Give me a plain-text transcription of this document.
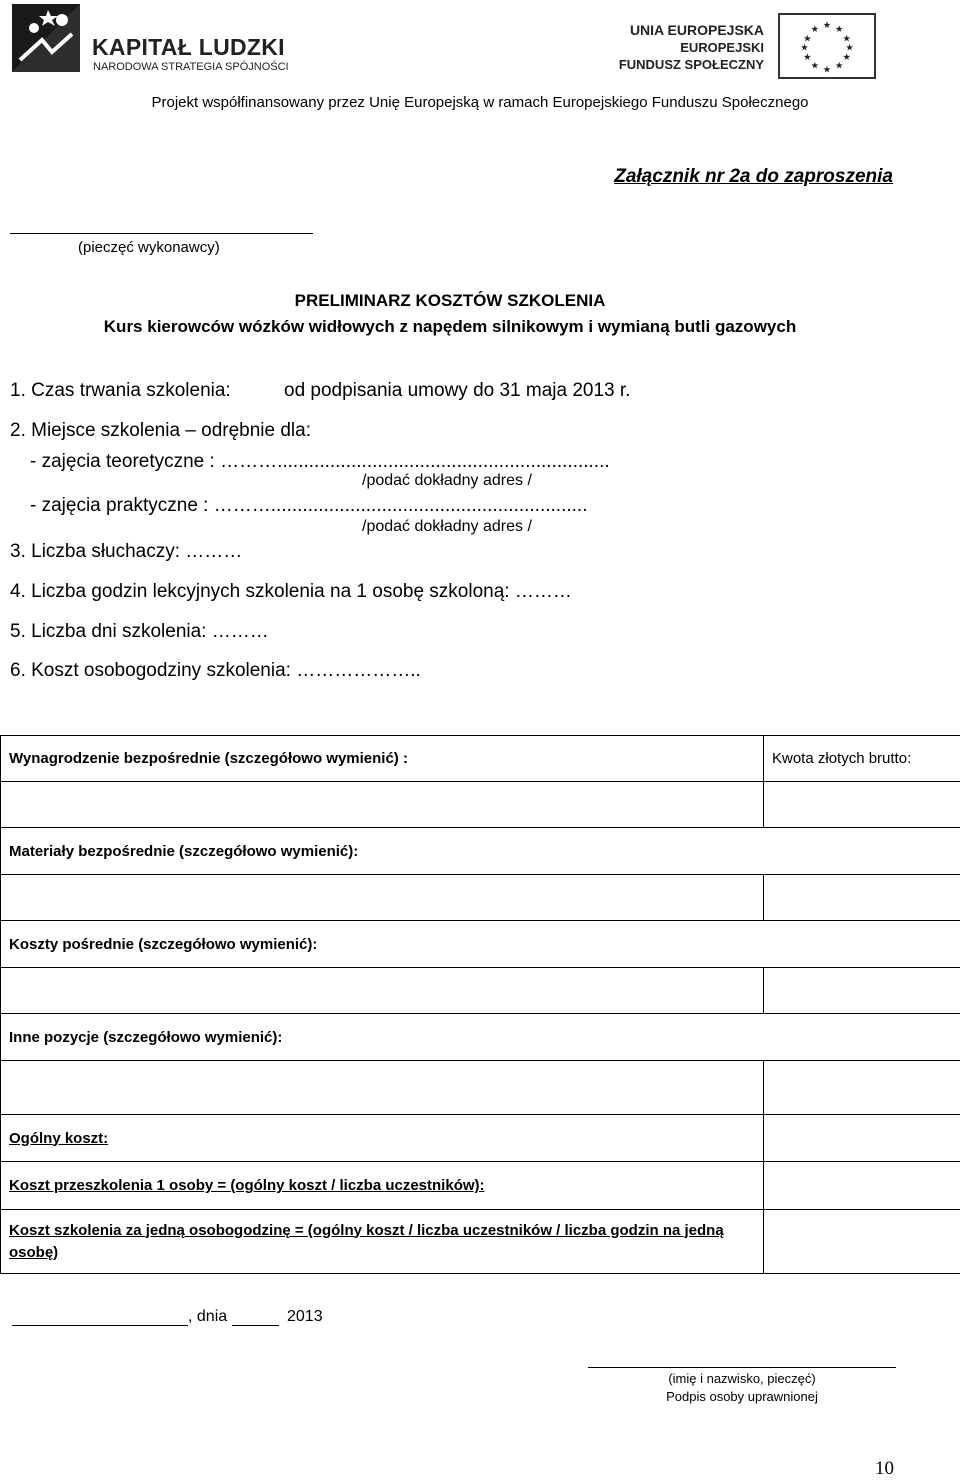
KAPITAŁ LUDZKI
NARODOWA STRATEGIA SPÓJNOŚCI
UNIA EUROPEJSKA
EUROPEJSKI
FUNDUSZ SPOŁECZNY
★ ★
★
★
★
★
★
★
★
★
★
★
Projekt współfinansowany przez Unię Europejską w ramach Europejskiego Funduszu Społecznego
Załącznik nr 2a do zaproszenia
(pieczęć wykonawcy)
PRELIMINARZ KOSZTÓW SZKOLENIA
Kurs kierowców wózków widłowych z napędem silnikowym i wymianą butli gazowych
1. Czas trwania szkolenia:	od podpisania umowy do 31 maja 2013 r.
2. Miejsce szkolenia – odrębnie dla:
- zajęcia teoretyczne : ………...............................................................
/podać dokładny adres /
- zajęcia praktyczne : ………............................................................
/podać dokładny adres /
3. Liczba słuchaczy: ………
4. Liczba godzin lekcyjnych szkolenia na 1 osobę szkoloną: ………
5. Liczba dni szkolenia: ………
6. Koszt osobogodziny szkolenia: ………………..
Wynagrodzenie bezpośrednie (szczegółowo wymienić) :	Kwota złotych brutto:

Materiały bezpośrednie (szczegółowo wymienić):	

Koszty pośrednie (szczegółowo wymienić):	

Inne pozycje (szczegółowo wymienić):	

Ogólny koszt:	
Koszt przeszkolenia 1 osoby = (ogólny koszt / liczba uczestników):	
Koszt szkolenia za jedną osobogodzinę = (ogólny koszt / liczba uczestników / liczba godzin na jedną osobę)	
, dnia	2013
(imię i nazwisko, pieczęć)
Podpis osoby uprawnionej
10
